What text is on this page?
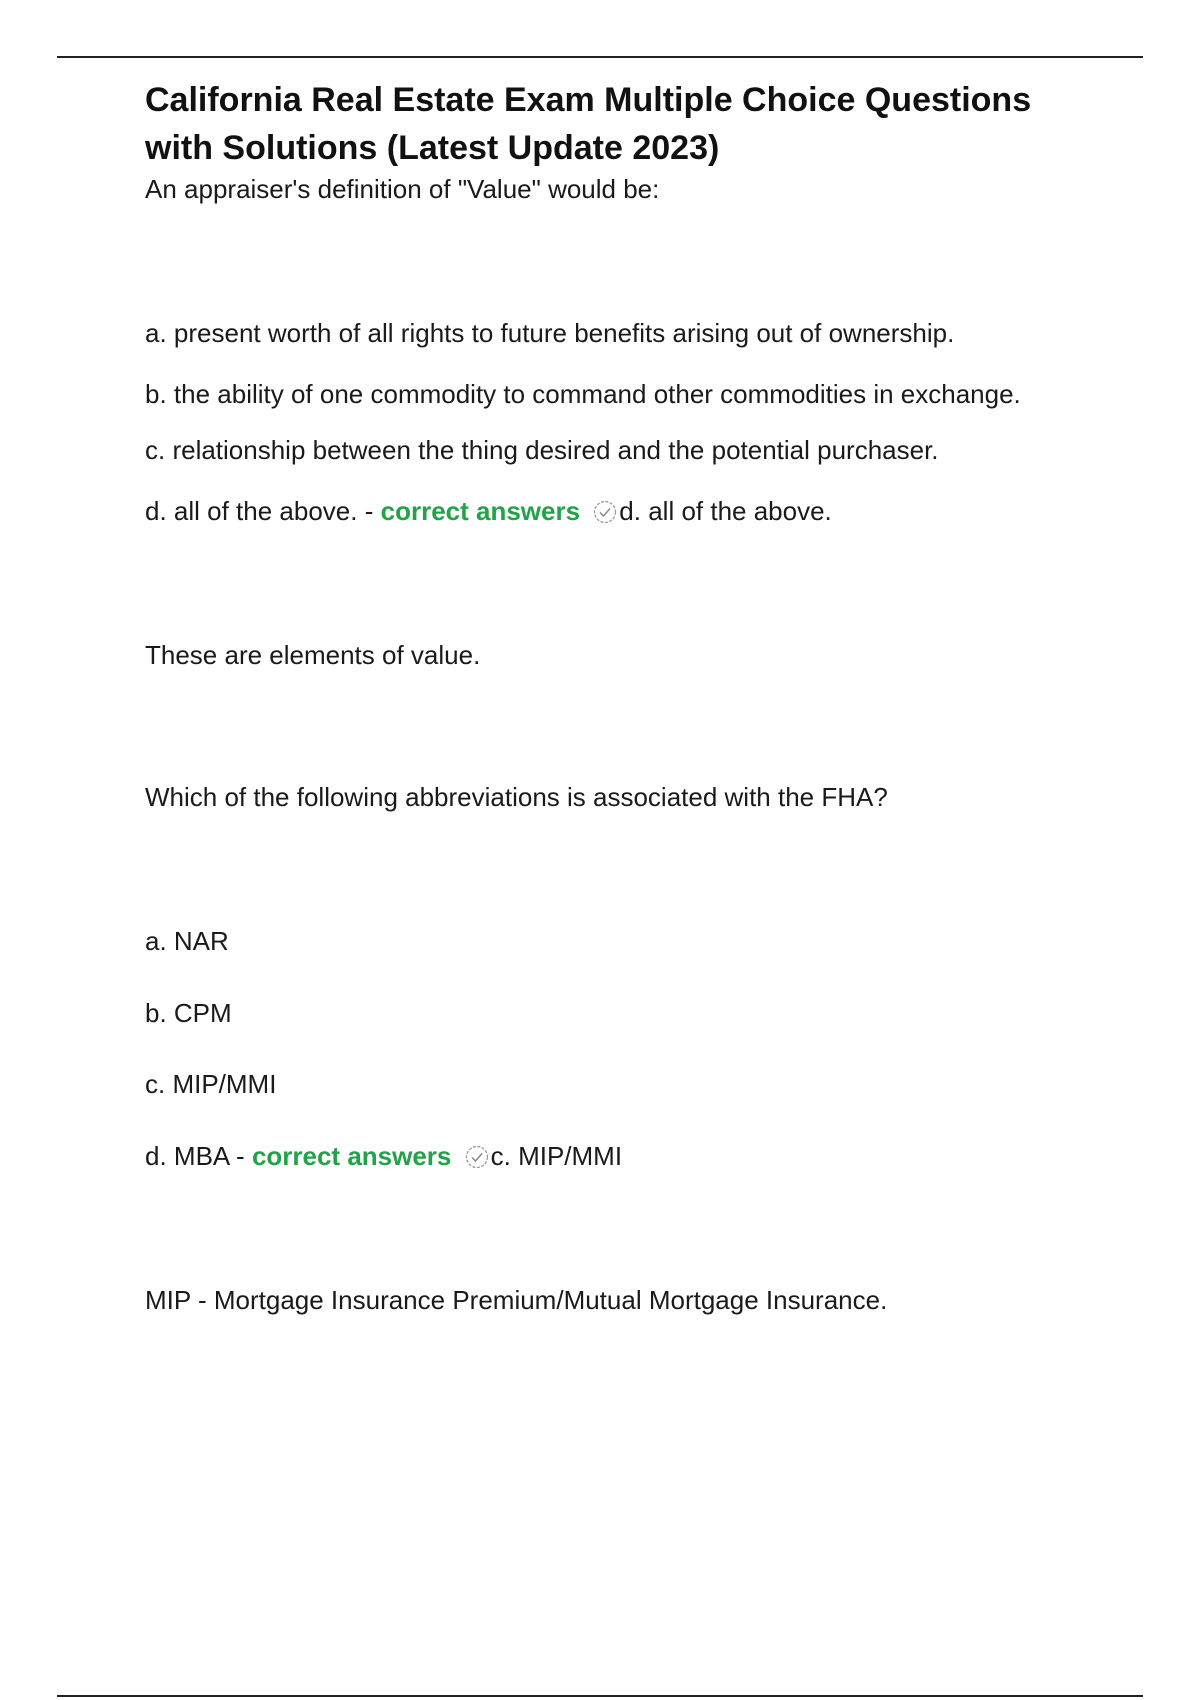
California Real Estate Exam Multiple Choice Questions with Solutions (Latest Update 2023)

An appraiser's definition of "Value" would be:

a. present worth of all rights to future benefits arising out of ownership.

b. the ability of one commodity to command other commodities in exchange. c. relationship between the thing desired and the potential purchaser.

d. all of the above. - correct answers d. all of the above.

These are elements of value.

Which of the following abbreviations is associated with the FHA?

a. NAR

b. CPM

c. MIP/MMI

d. MBA - correct answers c. MIP/MMI

MIP - Mortgage Insurance Premium/Mutual Mortgage Insurance.
